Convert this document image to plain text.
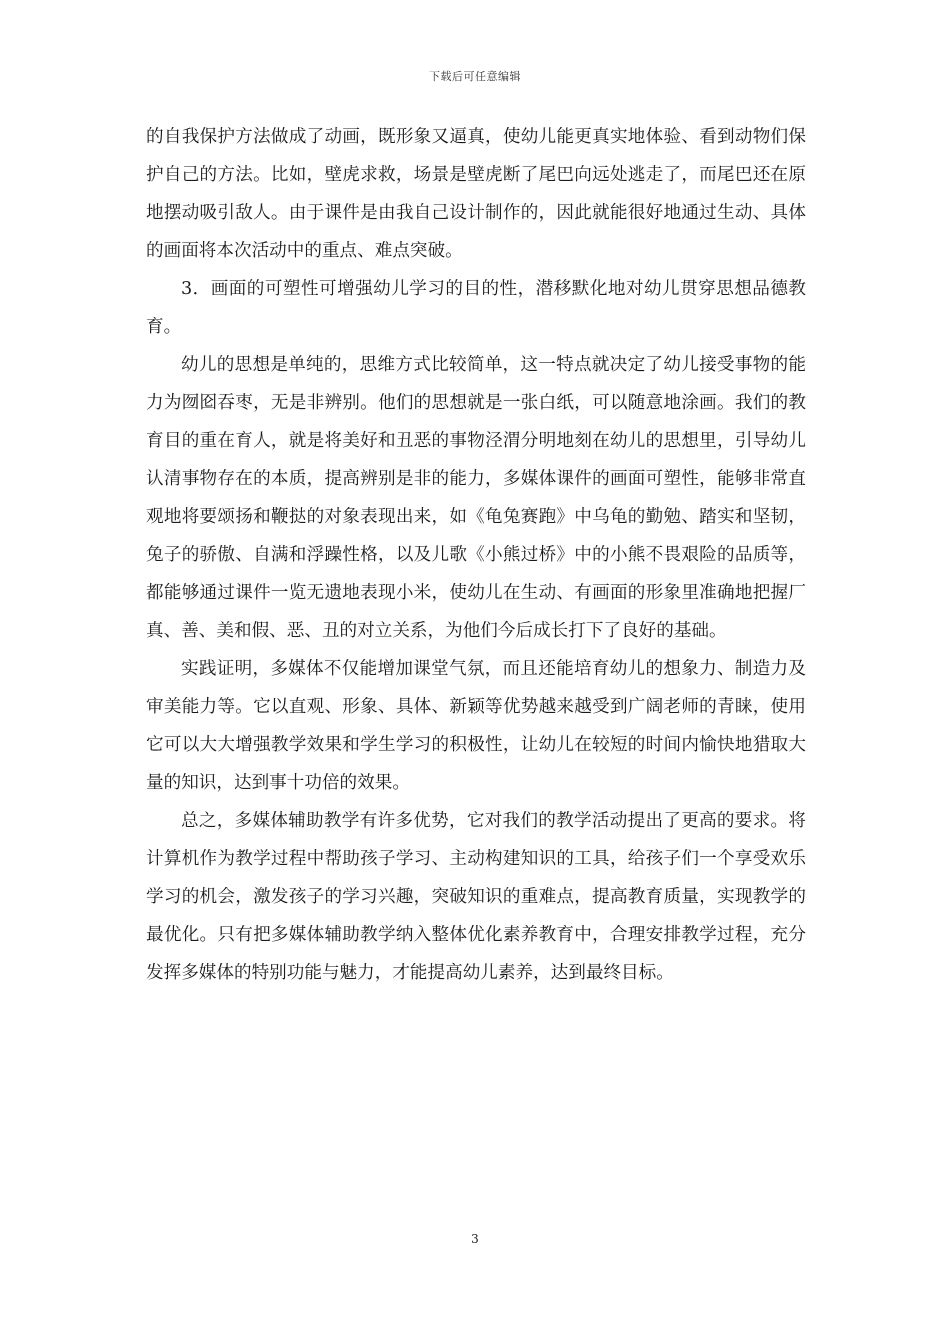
下载后可任意编辑

的自我保护方法做成了动画，既形象又逼真，使幼儿能更真实地体验、看到动物们保护自己的方法。比如，壁虎求救，场景是壁虎断了尾巴向远处逃走了，而尾巴还在原地摆动吸引敌人。由于课件是由我自己设计制作的，因此就能很好地通过生动、具体的画面将本次活动中的重点、难点突破。

3．画面的可塑性可增强幼儿学习的目的性，潜移默化地对幼儿贯穿思想品德教育。

幼儿的思想是单纯的，思维方式比较简单，这一特点就决定了幼儿接受事物的能力为囫囵吞枣，无是非辨别。他们的思想就是一张白纸，可以随意地涂画。我们的教育目的重在育人，就是将美好和丑恶的事物泾渭分明地刻在幼儿的思想里，引导幼儿认清事物存在的本质，提高辨别是非的能力，多媒体课件的画面可塑性，能够非常直观地将要颂扬和鞭挞的对象表现出来，如《龟兔赛跑》中乌龟的勤勉、踏实和坚韧，兔子的骄傲、自满和浮躁性格，以及儿歌《小熊过桥》中的小熊不畏艰险的品质等，都能够通过课件一览无遗地表现小米，使幼儿在生动、有画面的形象里准确地把握厂真、善、美和假、恶、丑的对立关系，为他们今后成长打下了良好的基础。

实践证明，多媒体不仅能增加课堂气氛，而且还能培育幼儿的想象力、制造力及审美能力等。它以直观、形象、具体、新颖等优势越来越受到广阔老师的青睐，使用它可以大大增强教学效果和学生学习的积极性，让幼儿在较短的时间内愉快地猎取大量的知识，达到事十功倍的效果。

总之，多媒体辅助教学有许多优势，它对我们的教学活动提出了更高的要求。将计算机作为教学过程中帮助孩子学习、主动构建知识的工具，给孩子们一个享受欢乐学习的机会，激发孩子的学习兴趣，突破知识的重难点，提高教育质量，实现教学的最优化。只有把多媒体辅助教学纳入整体优化素养教育中，合理安排教学过程，充分发挥多媒体的特别功能与魅力，才能提高幼儿素养，达到最终目标。

3
